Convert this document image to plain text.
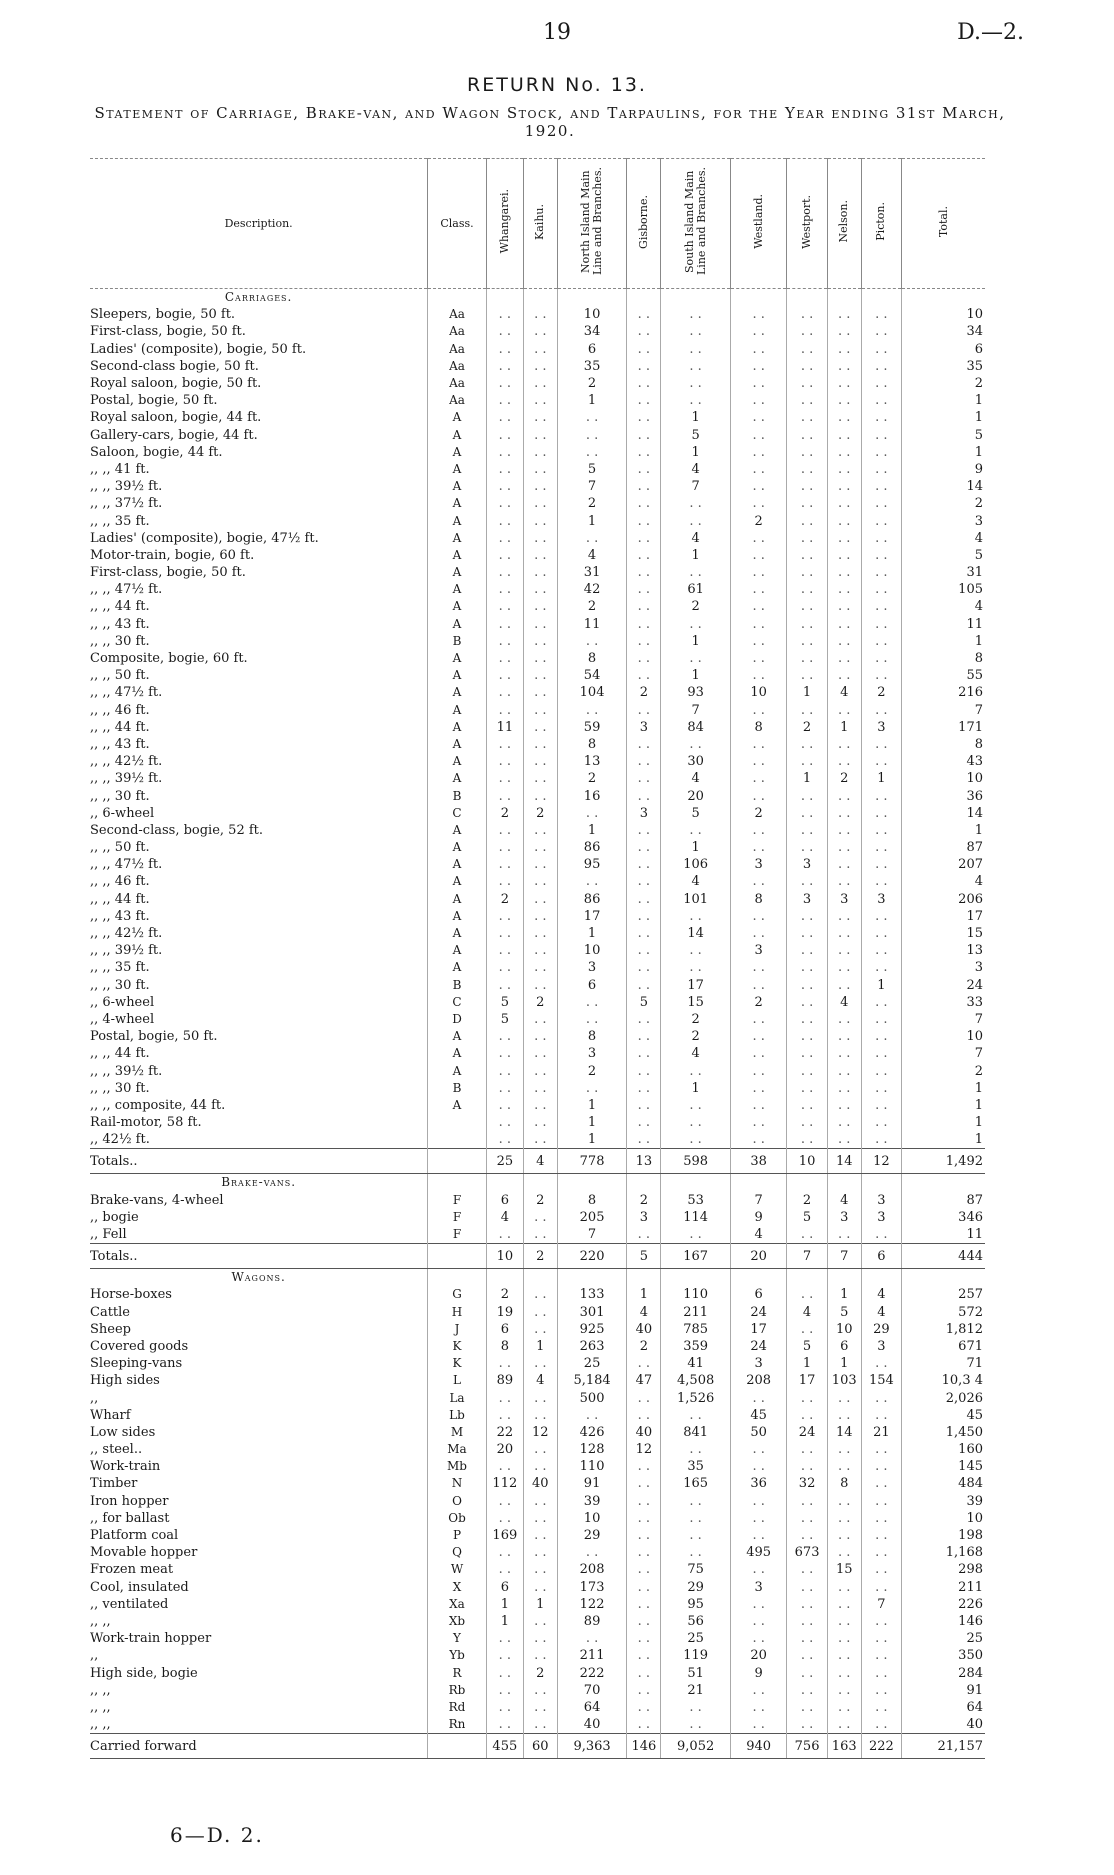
19	D.—2.
RETURN No. 13.
Statement of Carriage, Brake-van, and Wagon Stock, and Tarpaulins, for the Year ending 31st March, 1920.
Description.	Class.	Whangarei.	Kaihu.	North Island Main Line and Branches.	Gisborne.	South Island Main Line and Branches.	Westland.	Westport.	Nelson.	Picton.	Total.
Carriages.											
Sleepers, bogie, 50 ft.	Aa	. .	. .	10	. .	. .	. .	. .	. .	. .	10
First-class, bogie, 50 ft.	Aa	. .	. .	34	. .	. .	. .	. .	. .	. .	34
Ladies' (composite), bogie, 50 ft.	Aa	. .	. .	6	. .	. .	. .	. .	. .	. .	6
Second-class bogie, 50 ft.	Aa	. .	. .	35	. .	. .	. .	. .	. .	. .	35
Royal saloon, bogie, 50 ft.	Aa	. .	. .	2	. .	. .	. .	. .	. .	. .	2
Postal, bogie, 50 ft.	Aa	. .	. .	1	. .	. .	. .	. .	. .	. .	1
Royal saloon, bogie, 44 ft.	A	. .	. .	. .	. .	1	. .	. .	. .	. .	1
Gallery-cars, bogie, 44 ft.	A	. .	. .	. .	. .	5	. .	. .	. .	. .	5
Saloon, bogie, 44 ft.	A	. .	. .	. .	. .	1	. .	. .	. .	. .	1
,, ,, 41 ft.	A	. .	. .	5	. .	4	. .	. .	. .	. .	9
,, ,, 39½ ft.	A	. .	. .	7	. .	7	. .	. .	. .	. .	14
,, ,, 37½ ft.	A	. .	. .	2	. .	. .	. .	. .	. .	. .	2
,, ,, 35 ft.	A	. .	. .	1	. .	. .	2	. .	. .	. .	3
Ladies' (composite), bogie, 47½ ft.	A	. .	. .	. .	. .	4	. .	. .	. .	. .	4
Motor-train, bogie, 60 ft.	A	. .	. .	4	. .	1	. .	. .	. .	. .	5
First-class, bogie, 50 ft.	A	. .	. .	31	. .	. .	. .	. .	. .	. .	31
,, ,, 47½ ft.	A	. .	. .	42	. .	61	. .	. .	. .	. .	105
,, ,, 44 ft.	A	. .	. .	2	. .	2	. .	. .	. .	. .	4
,, ,, 43 ft.	A	. .	. .	11	. .	. .	. .	. .	. .	. .	11
,, ,, 30 ft.	B	. .	. .	. .	. .	1	. .	. .	. .	. .	1
Composite, bogie, 60 ft.	A	. .	. .	8	. .	. .	. .	. .	. .	. .	8
,, ,, 50 ft.	A	. .	. .	54	. .	1	. .	. .	. .	. .	55
,, ,, 47½ ft.	A	. .	. .	104	2	93	10	1	4	2	216
,, ,, 46 ft.	A	. .	. .	. .	. .	7	. .	. .	. .	. .	7
,, ,, 44 ft.	A	11	. .	59	3	84	8	2	1	3	171
,, ,, 43 ft.	A	. .	. .	8	. .	. .	. .	. .	. .	. .	8
,, ,, 42½ ft.	A	. .	. .	13	. .	30	. .	. .	. .	. .	43
,, ,, 39½ ft.	A	. .	. .	2	. .	4	. .	1	2	1	10
,, ,, 30 ft.	B	. .	. .	16	. .	20	. .	. .	. .	. .	36
,, 6-wheel	C	2	2	. .	3	5	2	. .	. .	. .	14
Second-class, bogie, 52 ft.	A	. .	. .	1	. .	. .	. .	. .	. .	. .	1
,, ,, 50 ft.	A	. .	. .	86	. .	1	. .	. .	. .	. .	87
,, ,, 47½ ft.	A	. .	. .	95	. .	106	3	3	. .	. .	207
,, ,, 46 ft.	A	. .	. .	. .	. .	4	. .	. .	. .	. .	4
,, ,, 44 ft.	A	2	. .	86	. .	101	8	3	3	3	206
,, ,, 43 ft.	A	. .	. .	17	. .	. .	. .	. .	. .	. .	17
,, ,, 42½ ft.	A	. .	. .	1	. .	14	. .	. .	. .	. .	15
,, ,, 39½ ft.	A	. .	. .	10	. .	. .	3	. .	. .	. .	13
,, ,, 35 ft.	A	. .	. .	3	. .	. .	. .	. .	. .	. .	3
,, ,, 30 ft.	B	. .	. .	6	. .	17	. .	. .	. .	1	24
,, 6-wheel	C	5	2	. .	5	15	2	. .	4	. .	33
,, 4-wheel	D	5	. .	. .	. .	2	. .	. .	. .	. .	7
Postal, bogie, 50 ft.	A	. .	. .	8	. .	2	. .	. .	. .	. .	10
,, ,, 44 ft.	A	. .	. .	3	. .	4	. .	. .	. .	. .	7
,, ,, 39½ ft.	A	. .	. .	2	. .	. .	. .	. .	. .	. .	2
,, ,, 30 ft.	B	. .	. .	. .	. .	1	. .	. .	. .	. .	1
,, ,, composite, 44 ft.	A	. .	. .	1	. .	. .	. .	. .	. .	. .	1
Rail-motor, 58 ft.		. .	. .	1	. .	. .	. .	. .	. .	. .	1
,, 42½ ft.		. .	. .	1	. .	. .	. .	. .	. .	. .	1
Totals..		25	4	778	13	598	38	10	14	12	1,492
Brake-vans.											
Brake-vans, 4-wheel	F	6	2	8	2	53	7	2	4	3	87
,, bogie	F	4	. .	205	3	114	9	5	3	3	346
,, Fell	F	. .	. .	7	. .	. .	4	. .	. .	. .	11
Totals..		10	2	220	5	167	20	7	7	6	444
Wagons.											
Horse-boxes	G	2	. .	133	1	110	6	. .	1	4	257
Cattle	H	19	. .	301	4	211	24	4	5	4	572
Sheep	J	6	. .	925	40	785	17	. .	10	29	1,812
Covered goods	K	8	1	263	2	359	24	5	6	3	671
Sleeping-vans	K	. .	. .	25	. .	41	3	1	1	. .	71
High sides	L	89	4	5,184	47	4,508	208	17	103	154	10,3 4
,,	La	. .	. .	500	. .	1,526	. .	. .	. .	. .	2,026
Wharf	Lb	. .	. .	. .	. .	. .	45	. .	. .	. .	45
Low sides	M	22	12	426	40	841	50	24	14	21	1,450
,, steel..	Ma	20	. .	128	12	. .	. .	. .	. .	. .	160
Work-train	Mb	. .	. .	110	. .	35	. .	. .	. .	. .	145
Timber	N	112	40	91	. .	165	36	32	8	. .	484
Iron hopper	O	. .	. .	39	. .	. .	. .	. .	. .	. .	39
,, for ballast	Ob	. .	. .	10	. .	. .	. .	. .	. .	. .	10
Platform coal	P	169	. .	29	. .	. .	. .	. .	. .	. .	198
Movable hopper	Q	. .	. .	. .	. .	. .	495	673	. .	. .	1,168
Frozen meat	W	. .	. .	208	. .	75	. .	. .	15	. .	298
Cool, insulated	X	6	. .	173	. .	29	3	. .	. .	. .	211
,, ventilated	Xa	1	1	122	. .	95	. .	. .	. .	7	226
,, ,,	Xb	1	. .	89	. .	56	. .	. .	. .	. .	146
Work-train hopper	Y	. .	. .	. .	. .	25	. .	. .	. .	. .	25
,,	Yb	. .	. .	211	. .	119	20	. .	. .	. .	350
High side, bogie	R	. .	2	222	. .	51	9	. .	. .	. .	284
,, ,,	Rb	. .	. .	70	. .	21	. .	. .	. .	. .	91
,, ,,	Rd	. .	. .	64	. .	. .	. .	. .	. .	. .	64
,, ,,	Rn	. .	. .	40	. .	. .	. .	. .	. .	. .	40
Carried forward		455	60	9,363	146	9,052	940	756	163	222	21,157
6—D. 2.
